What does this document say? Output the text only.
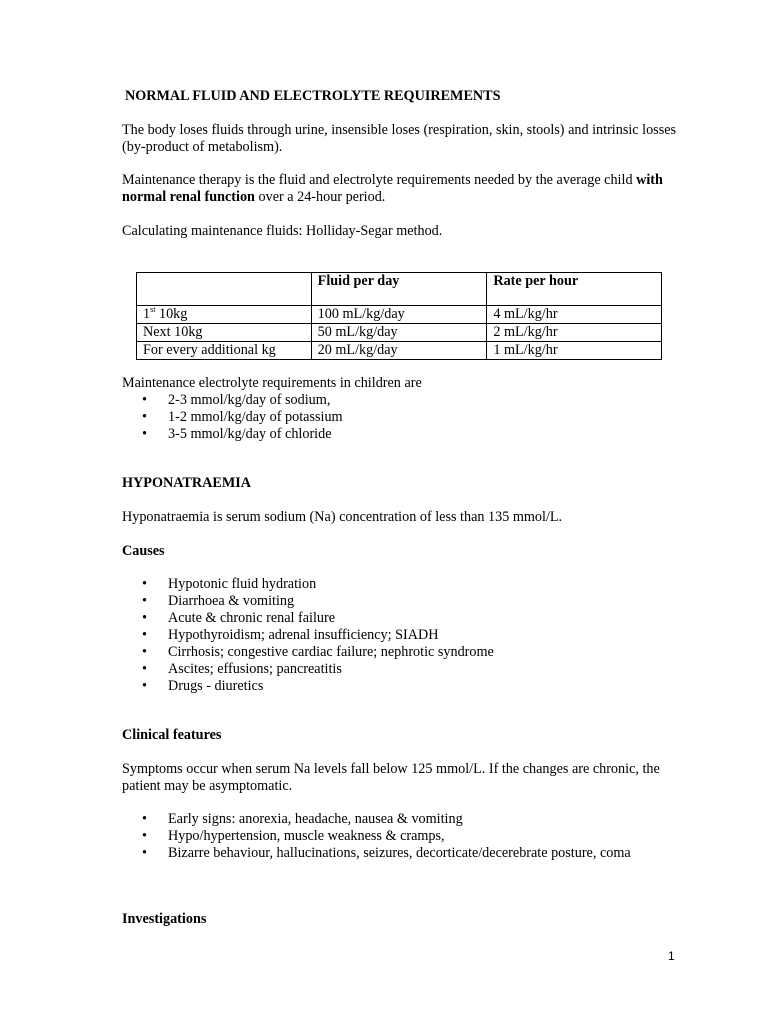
NORMAL FLUID AND ELECTROLYTE REQUIREMENTS

The body loses fluids through urine, insensible loses (respiration, skin, stools) and intrinsic losses (by-product of metabolism).

Maintenance therapy is the fluid and electrolyte requirements needed by the average child with normal renal function over a 24-hour period.

Calculating maintenance fluids: Holliday-Segar method.

	Fluid per day	Rate per hour
1st 10kg	100 mL/kg/day	4 mL/kg/hr
Next 10kg	50 mL/kg/day	2 mL/kg/hr
For every additional kg	20 mL/kg/day	1 mL/kg/hr

Maintenance electrolyte requirements in children are

• 2-3 mmol/kg/day of sodium,
• 1-2 mmol/kg/day of potassium
• 3-5 mmol/kg/day of chloride
HYPONATRAEMIA

Hyponatraemia is serum sodium (Na) concentration of less than 135 mmol/L.

Causes
• Hypotonic fluid hydration
• Diarrhoea & vomiting
• Acute & chronic renal failure
• Hypothyroidism; adrenal insufficiency; SIADH
• Cirrhosis; congestive cardiac failure; nephrotic syndrome
• Ascites; effusions; pancreatitis
• Drugs - diuretics
Clinical features

Symptoms occur when serum Na levels fall below 125 mmol/L. If the changes are chronic, the patient may be asymptomatic.

• Early signs: anorexia, headache, nausea & vomiting
• Hypo/hypertension, muscle weakness & cramps,
• Bizarre behaviour, hallucinations, seizures, decorticate/decerebrate posture, coma
Investigations
1
